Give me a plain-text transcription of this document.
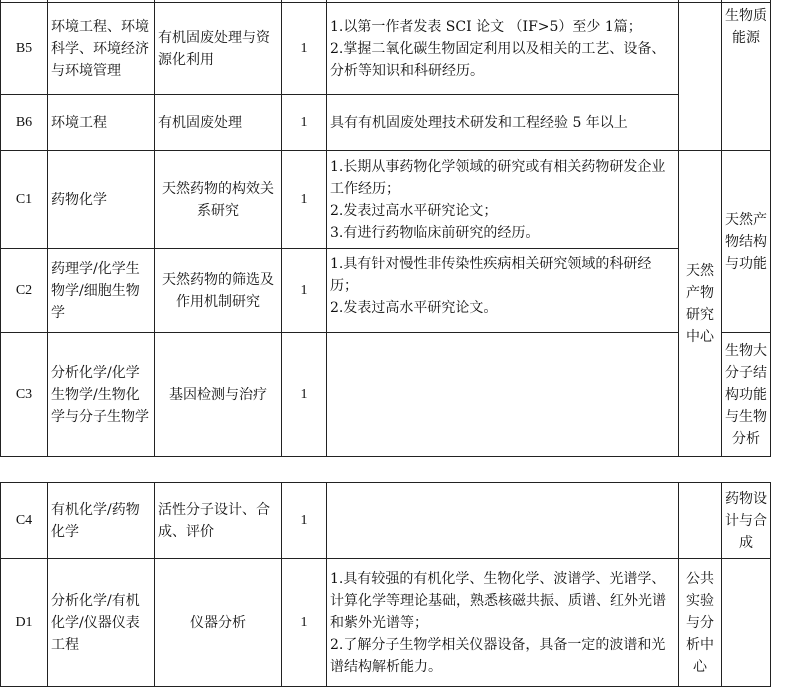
B5	环境工程、环境科学、环境经济与环境管理	有机固废处理与资源化利用	1	1.以第一作者发表 SCI 论文 （IF>5）至少 1篇；
2.掌握二氧化碳生物固定利用以及相关的工艺、设备、分析等知识和科研经历。		生物质能源
B6	环境工程	有机固废处理	1	具有有机固废处理技术研发和工程经验 5 年以上		

C1	药物化学	天然药物的构效关系研究	1	1.长期从事药物化学领域的研究或有相关药物研发企业工作经历；
2.发表过高水平研究论文；
3.有进行药物临床前研究的经历。	天然产物研究中心	天然产物结构与功能
C2	药理学/化学生物学/细胞生物学	天然药物的筛选及作用机制研究	1	1.具有针对慢性非传染性疾病相关研究领域的科研经历；
2.发表过高水平研究论文。		

C3	分析化学/化学生物学/生物化学与分子生物学	基因检测与治疗	1			生物大分子结构功能与生物分析
C4	有机化学/药物化学	活性分子设计、合成、评价	1			药物设计与合成
D1	分析化学/有机化学/仪器仪表工程	仪器分析	1	1.具有较强的有机化学、生物化学、波谱学、光谱学、计算化学等理论基础，熟悉核磁共振、质谱、红外光谱和紫外光谱等；
2.了解分子生物学相关仪器设备，具备一定的波谱和光谱结构解析能力。	公共实验与分析中心	
